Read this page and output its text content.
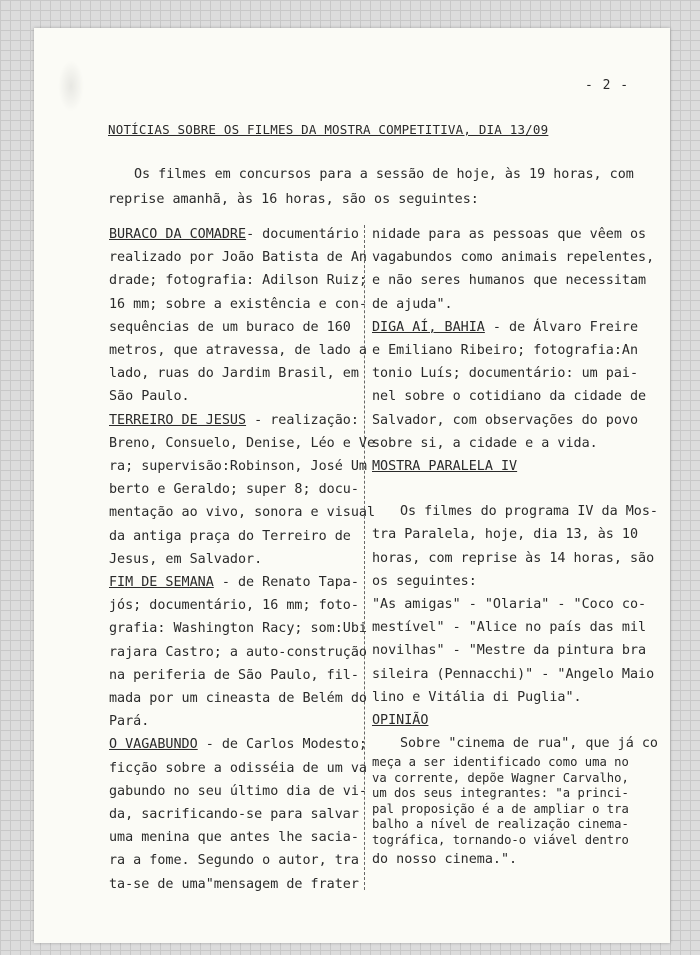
- 2 -
NOTÍCIAS SOBRE OS FILMES DA MOSTRA COMPETITIVA, DIA 13/09
Os filmes em concursos para a sessão de hoje, às 19 horas, com
reprise amanhã, às 16 horas, são os seguintes:
BURACO DA COMADRE- documentário
realizado por João Batista de An
drade; fotografia: Adilson Ruiz;
16 mm; sobre a existência e con-
sequências de um buraco de 160
metros, que atravessa, de lado a
lado, ruas do Jardim Brasil, em
São Paulo.
TERREIRO DE JESUS - realização:
Breno, Consuelo, Denise, Léo e Ve
ra; supervisão:Robinson, José Um
berto e Geraldo; super 8; docu-
mentação ao vivo, sonora e visual
da antiga praça do Terreiro de
Jesus, em Salvador.
FIM DE SEMANA - de Renato Tapa-
jós; documentário, 16 mm; foto-
grafia: Washington Racy; som:Ubi
rajara Castro; a auto-construção
na periferia de São Paulo, fil-
mada por um cineasta de Belém do
Pará.
O VAGABUNDO - de Carlos Modesto;
ficção sobre a odisséia de um va
gabundo no seu último dia de vi-
da, sacrificando-se para salvar
uma menina que antes lhe sacia-
ra a fome. Segundo o autor, tra
ta-se de uma"mensagem de frater
nidade para as pessoas que vêem os
vagabundos como animais repelentes,
e não seres humanos que necessitam
de ajuda".
DIGA AÍ, BAHIA - de Álvaro Freire
e Emiliano Ribeiro; fotografia:An
tonio Luís; documentário: um pai-
nel sobre o cotidiano da cidade de
Salvador, com observações do povo
sobre si, a cidade e a vida.
MOSTRA PARALELA IV
Os filmes do programa IV da Mos-
tra Paralela, hoje, dia 13, às 10
horas, com reprise às 14 horas, são
os seguintes:
"As amigas" - "Olaria" - "Coco co-
mestível" - "Alice no país das mil
novilhas" - "Mestre da pintura bra
sileira (Pennacchi)" - "Angelo Maio
lino e Vitália di Puglia".
OPINIÃO
Sobre "cinema de rua", que já co
meça a ser identificado como uma no
va corrente, depõe Wagner Carvalho,
um dos seus integrantes: "a princi-
pal proposição é a de ampliar o tra
balho a nível de realização cinema-
tográfica, tornando-o viável dentro
do nosso cinema.".
